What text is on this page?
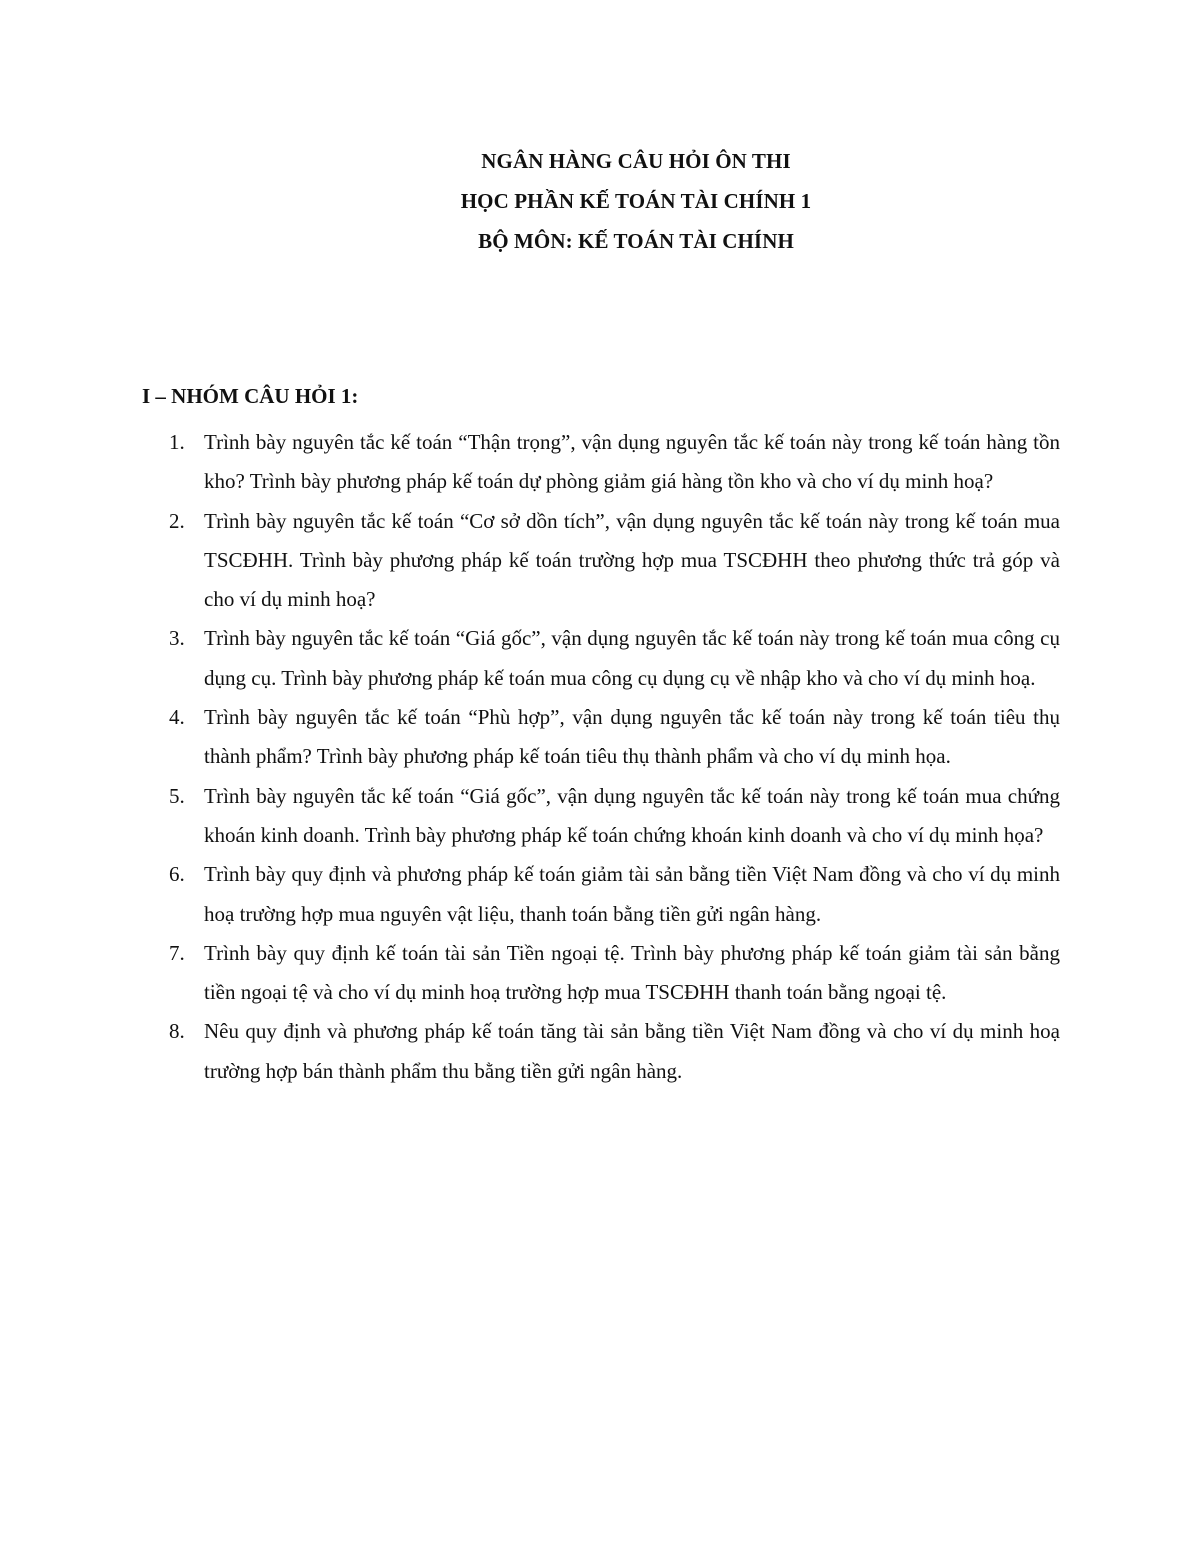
NGÂN HÀNG CÂU HỎI ÔN THI
HỌC PHẦN KẾ TOÁN TÀI CHÍNH 1
BỘ MÔN: KẾ TOÁN TÀI CHÍNH
I – NHÓM CÂU HỎI 1:
1. Trình bày nguyên tắc kế toán “Thận trọng”, vận dụng nguyên tắc kế toán này trong kế toán hàng tồn kho? Trình bày phương pháp kế toán dự phòng giảm giá hàng tồn kho và cho ví dụ minh hoạ?
2. Trình bày nguyên tắc kế toán “Cơ sở dồn tích”, vận dụng nguyên tắc kế toán này trong kế toán mua TSCĐHH. Trình bày phương pháp kế toán trường hợp mua TSCĐHH theo phương thức trả góp và cho ví dụ minh hoạ?
3. Trình bày nguyên tắc kế toán “Giá gốc”, vận dụng nguyên tắc kế toán này trong kế toán mua công cụ dụng cụ. Trình bày phương pháp kế toán mua công cụ dụng cụ về nhập kho và cho ví dụ minh hoạ.
4. Trình bày nguyên tắc kế toán “Phù hợp”, vận dụng nguyên tắc kế toán này trong kế toán tiêu thụ thành phẩm? Trình bày phương pháp kế toán tiêu thụ thành phẩm và cho ví dụ minh họa.
5. Trình bày nguyên tắc kế toán “Giá gốc”, vận dụng nguyên tắc kế toán này trong kế toán mua chứng khoán kinh doanh. Trình bày phương pháp kế toán chứng khoán kinh doanh và cho ví dụ minh họa?
6. Trình bày quy định và phương pháp kế toán giảm tài sản bằng tiền Việt Nam đồng và cho ví dụ minh hoạ trường hợp mua nguyên vật liệu, thanh toán bằng tiền gửi ngân hàng.
7. Trình bày quy định kế toán tài sản Tiền ngoại tệ. Trình bày phương pháp kế toán giảm tài sản bằng tiền ngoại tệ và cho ví dụ minh hoạ trường hợp mua TSCĐHH thanh toán bằng ngoại tệ.
8. Nêu quy định và phương pháp kế toán tăng tài sản bằng tiền Việt Nam đồng và cho ví dụ minh hoạ trường hợp bán thành phẩm thu bằng tiền gửi ngân hàng.
